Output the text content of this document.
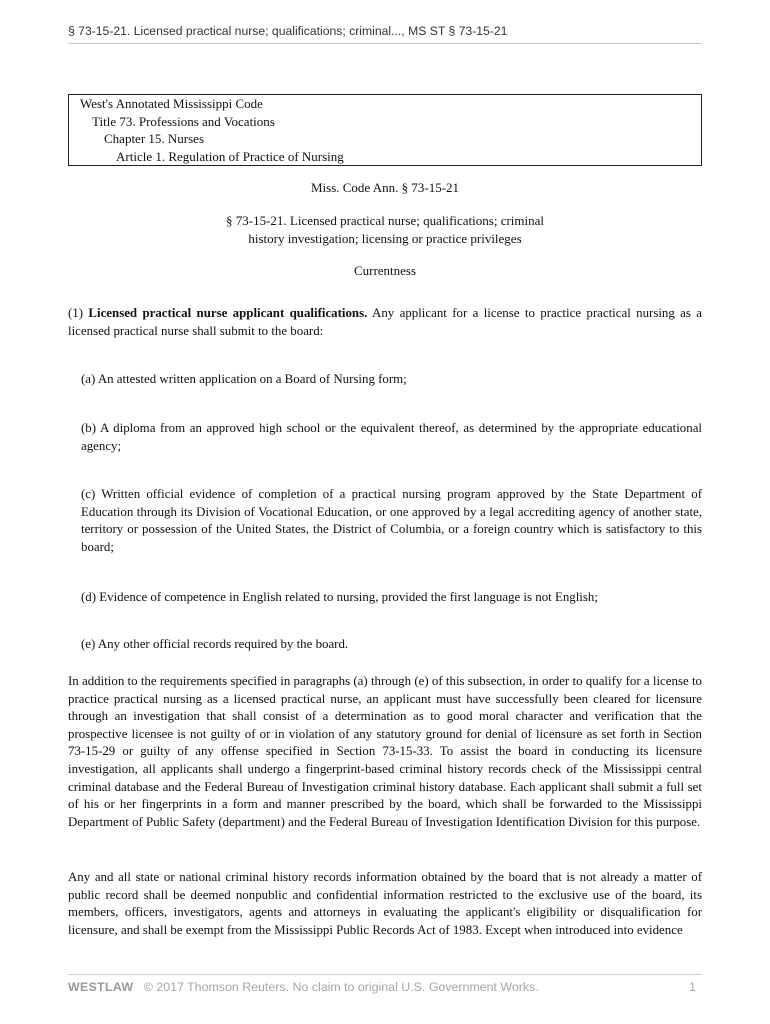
§ 73-15-21. Licensed practical nurse; qualifications; criminal..., MS ST § 73-15-21
West's Annotated Mississippi Code
Title 73. Professions and Vocations
Chapter 15. Nurses
Article 1. Regulation of Practice of Nursing
Miss. Code Ann. § 73-15-21
§ 73-15-21. Licensed practical nurse; qualifications; criminal
history investigation; licensing or practice privileges
Currentness

(1) Licensed practical nurse applicant qualifications. Any applicant for a license to practice practical nursing as a licensed practical nurse shall submit to the board:

(a) An attested written application on a Board of Nursing form;

(b) A diploma from an approved high school or the equivalent thereof, as determined by the appropriate educational agency;

(c) Written official evidence of completion of a practical nursing program approved by the State Department of Education through its Division of Vocational Education, or one approved by a legal accrediting agency of another state, territory or possession of the United States, the District of Columbia, or a foreign country which is satisfactory to this board;

(d) Evidence of competence in English related to nursing, provided the first language is not English;

(e) Any other official records required by the board.

In addition to the requirements specified in paragraphs (a) through (e) of this subsection, in order to qualify for a license to practice practical nursing as a licensed practical nurse, an applicant must have successfully been cleared for licensure through an investigation that shall consist of a determination as to good moral character and verification that the prospective licensee is not guilty of or in violation of any statutory ground for denial of licensure as set forth in Section 73-15-29 or guilty of any offense specified in Section 73-15-33. To assist the board in conducting its licensure investigation, all applicants shall undergo a fingerprint-based criminal history records check of the Mississippi central criminal database and the Federal Bureau of Investigation criminal history database. Each applicant shall submit a full set of his or her fingerprints in a form and manner prescribed by the board, which shall be forwarded to the Mississippi Department of Public Safety (department) and the Federal Bureau of Investigation Identification Division for this purpose.

Any and all state or national criminal history records information obtained by the board that is not already a matter of public record shall be deemed nonpublic and confidential information restricted to the exclusive use of the board, its members, officers, investigators, agents and attorneys in evaluating the applicant's eligibility or disqualification for licensure, and shall be exempt from the Mississippi Public Records Act of 1983. Except when introduced into evidence

WESTLAW © 2017 Thomson Reuters. No claim to original U.S. Government Works.	1
